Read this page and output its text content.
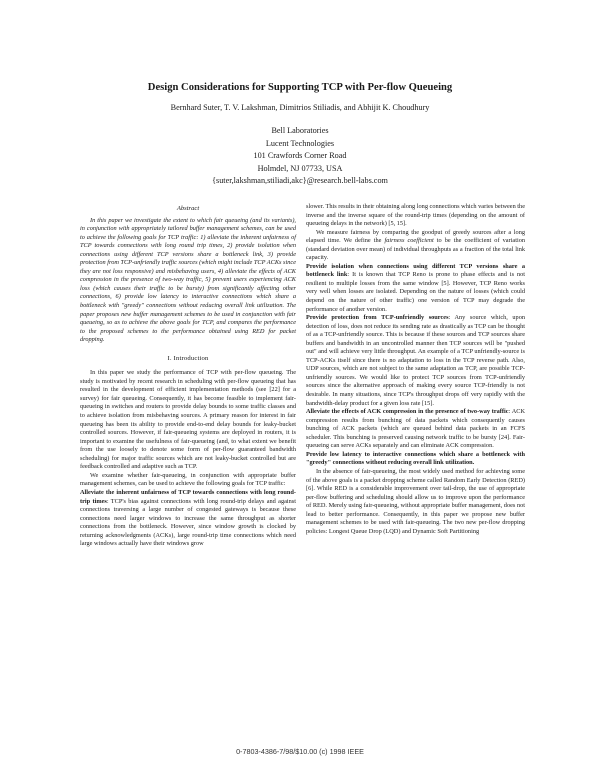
Design Considerations for Supporting TCP with Per-flow Queueing
Bernhard Suter, T. V. Lakshman, Dimitrios Stiliadis, and Abhijit K. Choudhury
Bell Laboratories
Lucent Technologies
101 Crawfords Corner Road
Holmdel, NJ 07733, USA
{suter,lakshman,stiliadi,akc}@research.bell-labs.com
Abstract

In this paper we investigate the extent to which fair queueing (and its variants), in conjunction with appropriately tailored buffer management schemes, can be used to achieve the following goals for TCP traffic: 1) alleviate the inherent unfairness of TCP towards connections with long round trip times, 2) provide isolation when connections using different TCP versions share a bottleneck link, 3) provide protection from TCP-unfriendly traffic sources (which might include TCP ACKs since they are not loss responsive) and misbehaving users, 4) alleviate the effects of ACK compression in the presence of two-way traffic, 5) prevent users experiencing ACK loss (which causes their traffic to be bursty) from significantly affecting other connections, 6) provide low latency to interactive connections which share a bottleneck with "greedy" connections without reducing overall link utilization. The paper proposes new buffer management schemes to be used in conjunction with fair queueing, so as to achieve the above goals for TCP, and compares the performance to the proposed schemes to the performance obtained using RED for packet dropping.

I. Introduction

In this paper we study the performance of TCP with per-flow queueing. The study is motivated by recent research in scheduling with per-flow queueing that has resulted in the development of efficient implementation methods (see [22] for a survey) for fair queueing. Consequently, it has become feasible to implement fair-queueing in switches and routers to provide delay bounds to some traffic classes and to achieve isolation from misbehaving sources. A primary reason for interest in fair queueing has been its ability to provide end-to-end delay bounds for leaky-bucket controlled sources. However, if fair-queueing systems are deployed in routers, it is important to examine the usefulness of fair-queueing (and, to what extent we benefit from the use loosely to denote some form of per-flow guaranteed bandwidth scheduling) for major traffic sources which are not leaky-bucket controlled but are feedback controlled and adaptive such as TCP.

We examine whether fair-queueing, in conjunction with appropriate buffer management schemes, can be used to achieve the following goals for TCP traffic:

Alleviate the inherent unfairness of TCP towards connections with long round-trip times: TCP's bias against connections with long round-trip delays and against connections traversing a large number of congested gateways is because these connections need larger windows to increase the same throughput as shorter connections from the bottleneck. However, since window growth is clocked by returning acknowledgments (ACKs), large round-trip time connections which need large windows actually have their windows grow

slower. This results in their obtaining along long connections which varies between the inverse and the inverse square of the round-trip times (depending on the amount of queueing delays in the network) [5, 15].

We measure fairness by comparing the goodput of greedy sources after a long elapsed time. We define the fairness coefficient to be the coefficient of variation (standard deviation over mean) of individual throughputs as a fraction of the total link capacity.

Provide isolation when connections using different TCP versions share a bottleneck link: It is known that TCP Reno is prone to phase effects and is not resilient to multiple losses from the same window [5]. However, TCP Reno works very well when losses are isolated. Depending on the nature of losses (which could depend on the nature of other traffic) one version of TCP may degrade the performance of another version.

Provide protection from TCP-unfriendly sources: Any source which, upon detection of loss, does not reduce its sending rate as drastically as TCP can be thought of as a TCP-unfriendly source. This is because if these sources and TCP sources share buffers and bandwidth in an uncontrolled manner then TCP sources will be "pushed out" and will achieve very little throughput. An example of a TCP unfriendly-source is TCP-ACKs itself since there is no adaptation to loss in the TCP reverse path. Also, UDP sources, which are not subject to the same adaptation as TCP, are possible TCP-unfriendly sources. We would like to protect TCP sources from TCP-unfriendly sources since the alternative approach of making every source TCP-friendly is not desirable. In many situations, since TCP's throughput drops off very rapidly with the bandwidth-delay product for a given loss rate [15].

Alleviate the effects of ACK compression in the presence of two-way traffic: ACK compression results from bunching of data packets which consequently causes bunching of ACK packets (which are queued behind data packets in an FCFS scheduler. This bunching is preserved causing network traffic to be bursty [24]. Fair-queueing can serve ACKs separately and can eliminate ACK compression.

Provide low latency to interactive connections which share a bottleneck with "greedy" connections without reducing overall link utilization.

In the absence of fair-queueing, the most widely used method for achieving some of the above goals is a packet dropping scheme called Random Early Detection (RED) [6]. While RED is a considerable improvement over tail-drop, the use of appropriate per-flow buffering and scheduling should allow us to improve upon the performance of RED. Merely using fair-queueing, without appropriate buffer management, does not lead to better performance. Consequently, in this paper we propose new buffer management schemes to be used with fair-queueing. The two new per-flow dropping policies: Longest Queue Drop (LQD) and Dynamic Soft Partitioning

0-7803-4386-7/98/$10.00 (c) 1998 IEEE
